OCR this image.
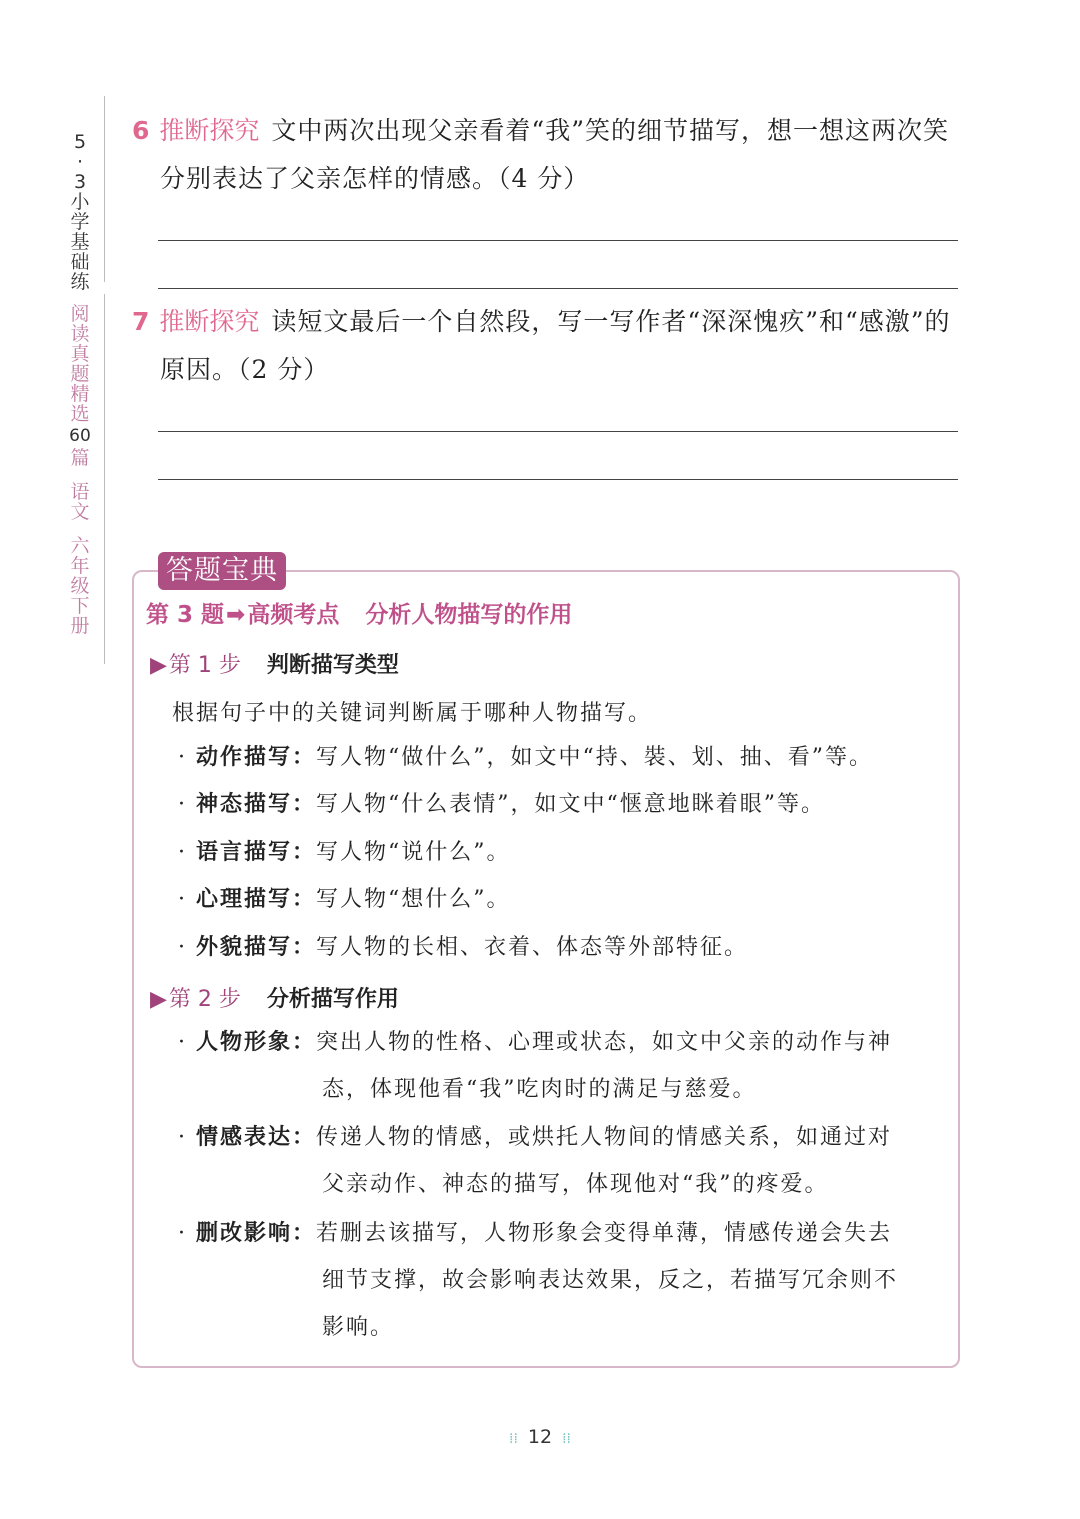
5
·
3
小
学
基
础
练
阅
读
真
题
精
选
60
篇
语
文
六
年
级
下
册
6 推断探究 文中两次出现父亲看着“我”笑的细节描写，想一想这两次笑
分别表达了父亲怎样的情感。（4 分）
7 推断探究 读短文最后一个自然段，写一写作者“深深愧疚”和“感激”的
原因。（2 分）
答题宝典
第 3 题➡高频考点 分析人物描写的作用
▶第 1 步 判断描写类型
根据句子中的关键词判断属于哪种人物描写。
· 动作描写：写人物“做什么”，如文中“持、裝、划、抽、看”等。
· 神态描写：写人物“什么表情”，如文中“惬意地眯着眼”等。
· 语言描写：写人物“说什么”。
· 心理描写：写人物“想什么”。
· 外貌描写：写人物的长相、衣着、体态等外部特征。
▶第 2 步 分析描写作用
· 人物形象：突出人物的性格、心理或状态，如文中父亲的动作与神
态，体现他看“我”吃肉时的满足与慈爱。
· 情感表达：传递人物的情感，或烘托人物间的情感关系，如通过对
父亲动作、神态的描写，体现他对“我”的疼爱。
· 删改影响：若删去该描写，人物形象会变得单薄，情感传递会失去
细节支撑，故会影响表达效果，反之，若描写冗余则不
影响。
⁞⁞ 12 ⁞⁞
